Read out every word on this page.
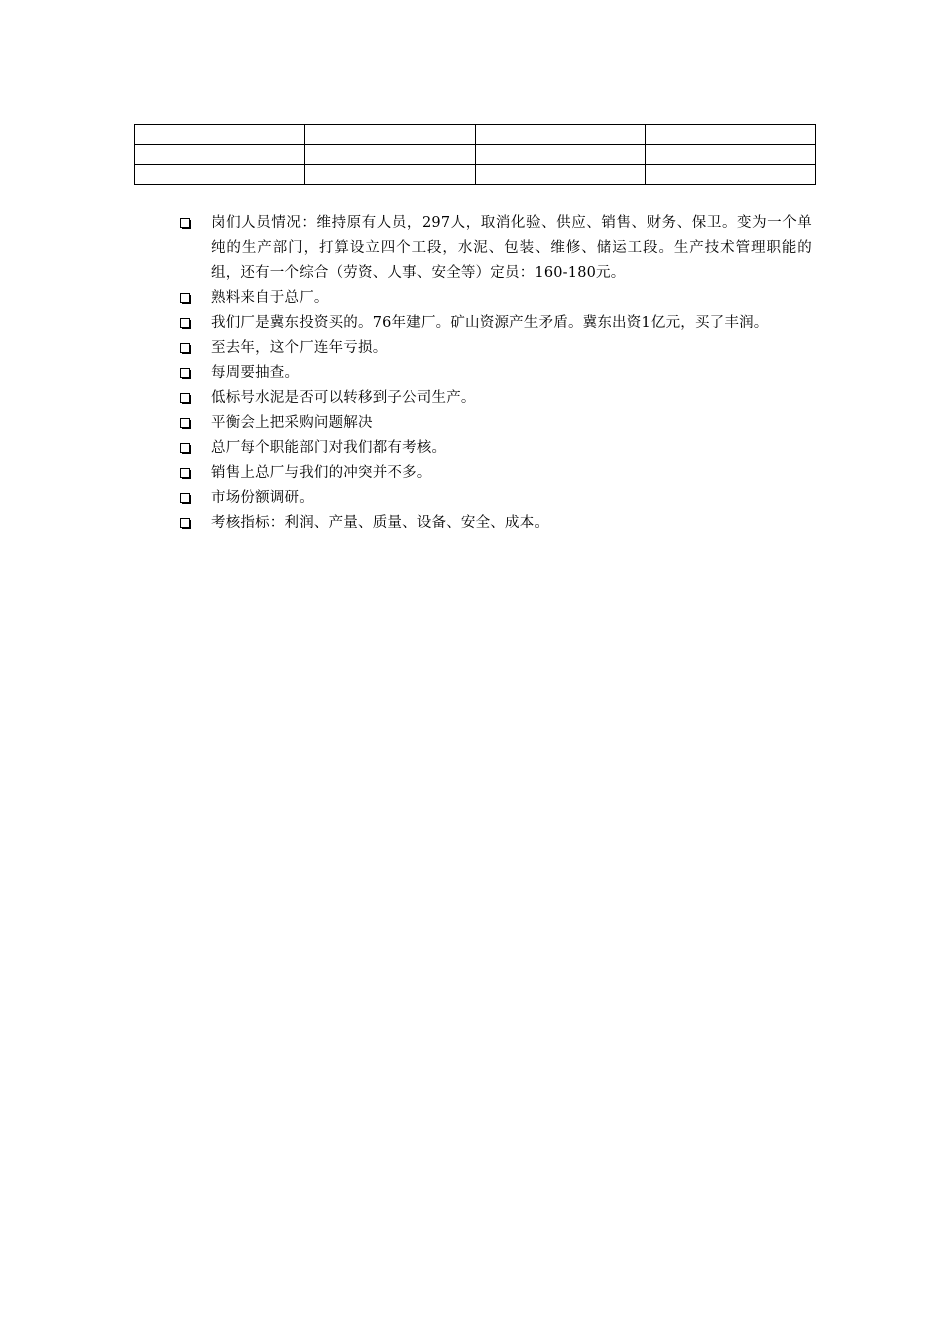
岗们人员情况：维持原有人员，297人，取消化验、供应、销售、财务、保卫。变为一个单纯的生产部门，打算设立四个工段，水泥、包装、维修、储运工段。生产技术管理职能的组，还有一个综合（劳资、人事、安全等）定员：160-180元。
熟料来自于总厂。
我们厂是冀东投资买的。76年建厂。矿山资源产生矛盾。冀东出资1亿元，买了丰润。
至去年，这个厂连年亏损。
每周要抽查。
低标号水泥是否可以转移到子公司生产。
平衡会上把采购问题解决
总厂每个职能部门对我们都有考核。
销售上总厂与我们的冲突并不多。
市场份额调研。
考核指标：利润、产量、质量、设备、安全、成本。
